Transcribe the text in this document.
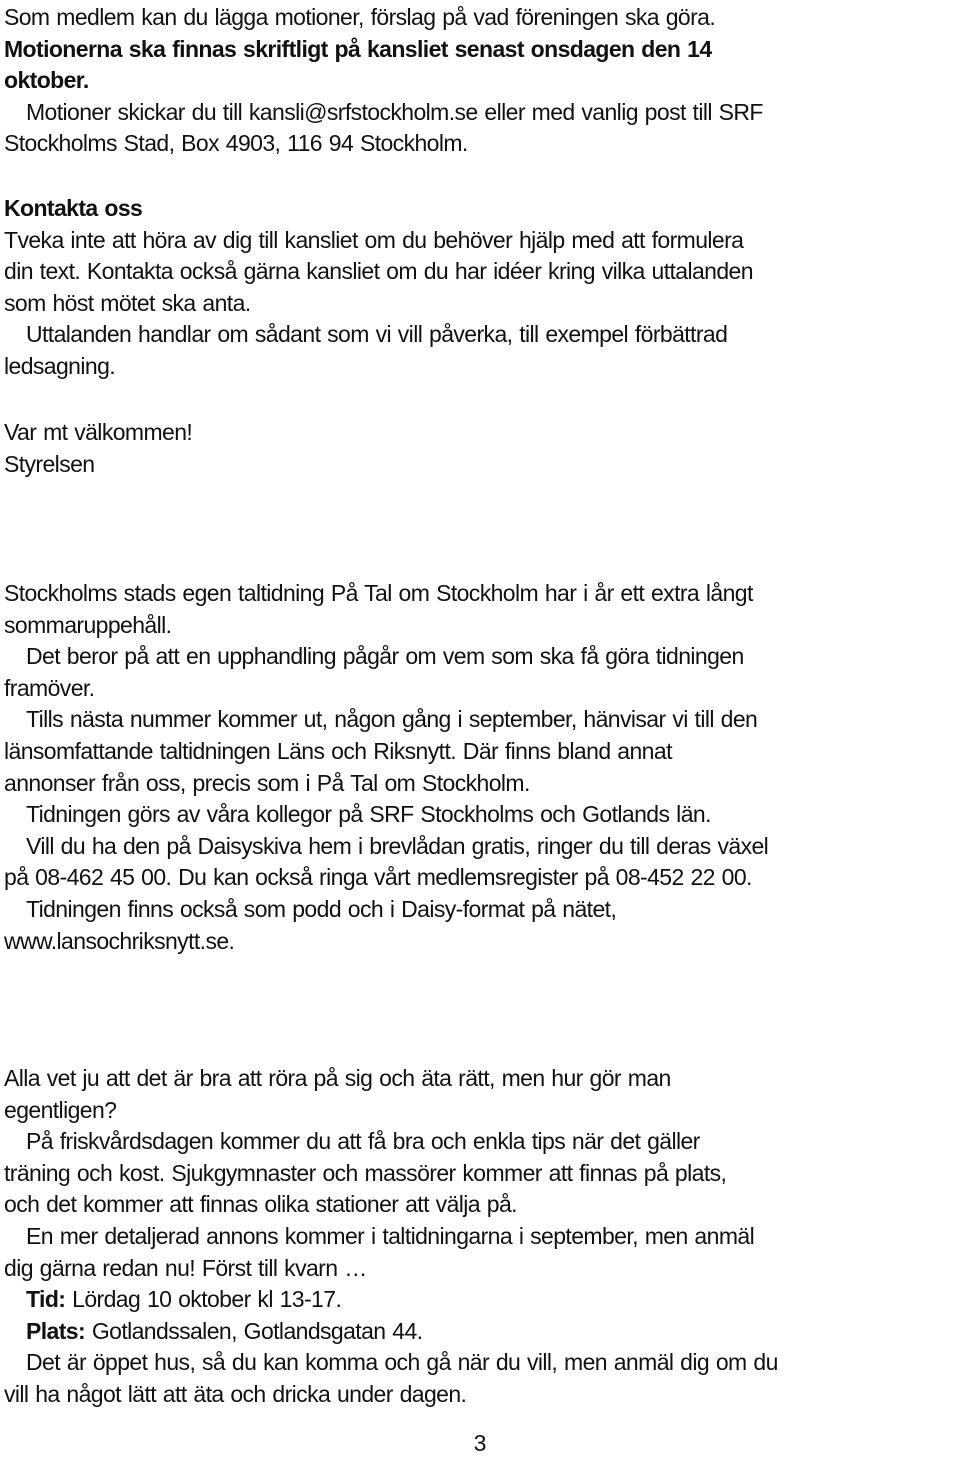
Som medlem kan du lägga motioner, förslag på vad föreningen ska göra.
Motionerna ska finnas skriftligt på kansliet senast onsdagen den 14
oktober.
Motioner skickar du till kansli@srfstockholm.se eller med vanlig post till SRF
Stockholms Stad, Box 4903, 116 94 Stockholm.
Kontakta oss
Tveka inte att höra av dig till kansliet om du behöver hjälp med att formulera
din text. Kontakta också gärna kansliet om du har idéer kring vilka uttalanden
som höst mötet ska anta.
Uttalanden handlar om sådant som vi vill påverka, till exempel förbättrad
ledsagning.
Var mt välkommen!
Styrelsen
Stockholms stads egen taltidning På Tal om Stockholm har i år ett extra långt
sommaruppehåll.
Det beror på att en upphandling pågår om vem som ska få göra tidningen
framöver.
Tills nästa nummer kommer ut, någon gång i september, hänvisar vi till den
länsomfattande taltidningen Läns och Riksnytt. Där finns bland annat
annonser från oss, precis som i På Tal om Stockholm.
Tidningen görs av våra kollegor på SRF Stockholms och Gotlands län.
Vill du ha den på Daisyskiva hem i brevlådan gratis, ringer du till deras växel
på 08-462 45 00. Du kan också ringa vårt medlemsregister på 08-452 22 00.
Tidningen finns också som podd och i Daisy-format på nätet,
www.lansochriksnytt.se.
Alla vet ju att det är bra att röra på sig och äta rätt, men hur gör man
egentligen?
På friskvårdsdagen kommer du att få bra och enkla tips när det gäller
träning och kost. Sjukgymnaster och massörer kommer att finnas på plats,
och det kommer att finnas olika stationer att välja på.
En mer detaljerad annons kommer i taltidningarna i september, men anmäl
dig gärna redan nu! Först till kvarn …
Tid: Lördag 10 oktober kl 13-17.
Plats: Gotlandssalen, Gotlandsgatan 44.
Det är öppet hus, så du kan komma och gå när du vill, men anmäl dig om du
vill ha något lätt att äta och dricka under dagen.
3
